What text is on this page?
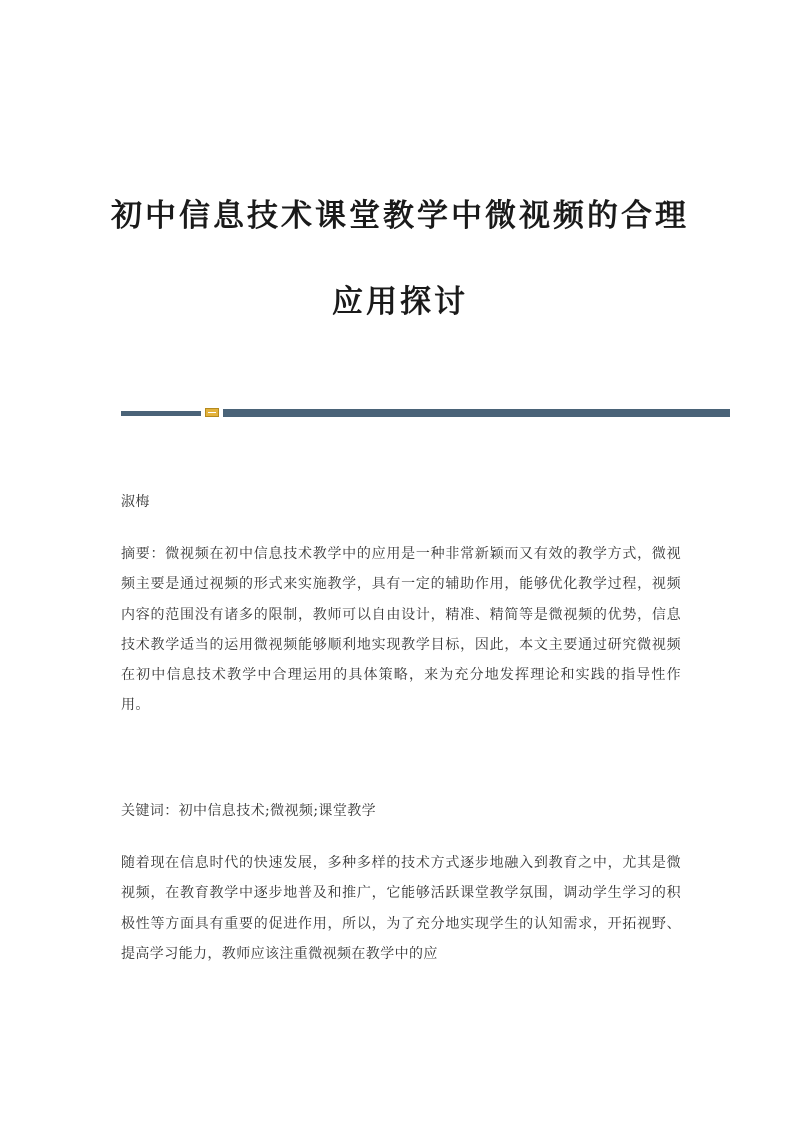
初中信息技术课堂教学中微视频的合理
应用探讨

淑梅

摘要：微视频在初中信息技术教学中的应用是一种非常新颖而又有效的教学方式，微视频主要是通过视频的形式来实施教学，具有一定的辅助作用，能够优化教学过程，视频内容的范围没有诸多的限制，教师可以自由设计，精准、精简等是微视频的优势，信息技术教学适当的运用微视频能够顺利地实现教学目标，因此，本文主要通过研究微视频在初中信息技术教学中合理运用的具体策略，来为充分地发挥理论和实践的指导性作用。

关键词：初中信息技术;微视频;课堂教学

随着现在信息时代的快速发展，多种多样的技术方式逐步地融入到教育之中，尤其是微视频，在教育教学中逐步地普及和推广，它能够活跃课堂教学氛围，调动学生学习的积极性等方面具有重要的促进作用，所以，为了充分地实现学生的认知需求，开拓视野、提高学习能力，教师应该注重微视频在教学中的应
